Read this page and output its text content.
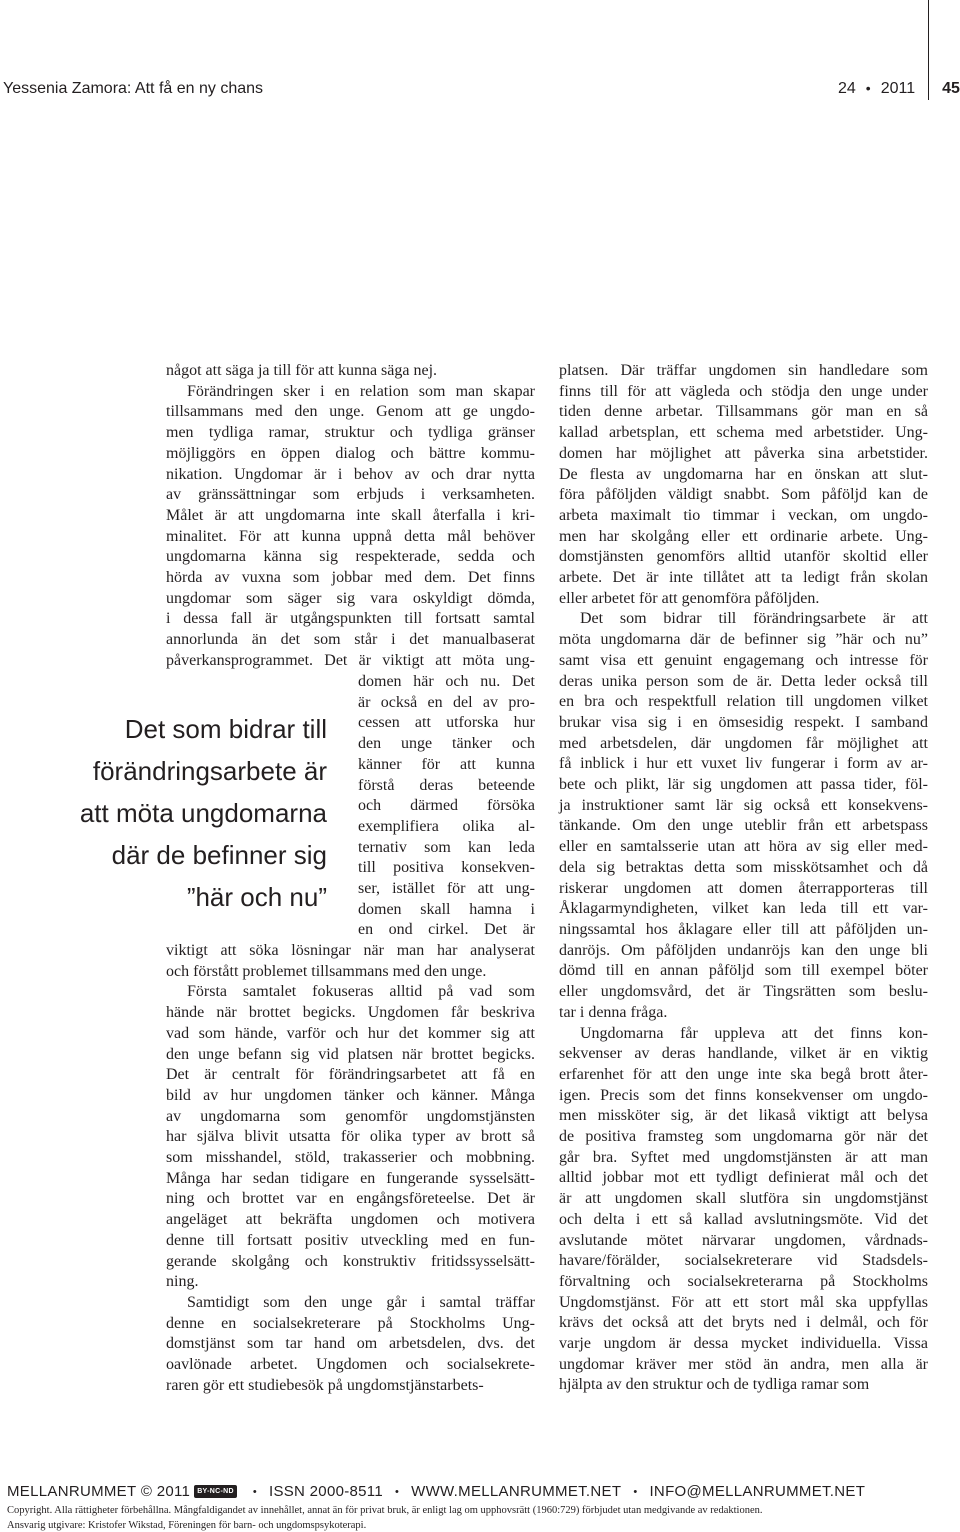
Yessenia Zamora: Att få en ny chans	24 • 2011 45
något att säga ja till för att kunna säga nej.
Förändringen sker i en relation som man skapar
tillsammans med den unge. Genom att ge ungdo-
men tydliga ramar, struktur och tydliga gränser
möjliggörs en öppen dialog och bättre kommu-
nikation. Ungdomar är i behov av och drar nytta
av gränssättningar som erbjuds i verksamheten.
Målet är att ungdomarna inte skall återfalla i kri-
minalitet. För att kunna uppnå detta mål behöver
ungdomarna känna sig respekterade, sedda och
hörda av vuxna som jobbar med dem. Det finns
ungdomar som säger sig vara oskyldigt dömda,
i dessa fall är utgångspunkten till fortsatt samtal
annorlunda än det som står i det manualbaserat
påverkansprogrammet. Det är viktigt att möta ung-
domen här och nu. Det
är också en del av pro-
cessen att utforska hur
den unge tänker och
känner för att kunna
förstå deras beteende
och därmed försöka
exemplifiera olika al-
ternativ som kan leda
till positiva konsekven-
ser, istället för att ung-
domen skall hamna i
en ond cirkel. Det är
viktigt att söka lösningar när man har analyserat
och förstått problemet tillsammans med den unge.
Första samtalet fokuseras alltid på vad som
hände när brottet begicks. Ungdomen får beskriva
vad som hände, varför och hur det kommer sig att
den unge befann sig vid platsen när brottet begicks.
Det är centralt för förändringsarbetet att få en
bild av hur ungdomen tänker och känner. Många
av ungdomarna som genomför ungdomstjänsten
har själva blivit utsatta för olika typer av brott så
som misshandel, stöld, trakasserier och mobbning.
Många har sedan tidigare en fungerande sysselsätt-
ning och brottet var en engångsföreteelse. Det är
angeläget att bekräfta ungdomen och motivera
denne till fortsatt positiv utveckling med en fun-
gerande skolgång och konstruktiv fritidssysselsätt-
ning.
Samtidigt som den unge går i samtal träffar
denne en socialsekreterare på Stockholms Ung-
domstjänst som tar hand om arbetsdelen, dvs. det
oavlönade arbetet. Ungdomen och socialsekrete-
raren gör ett studiebesök på ungdomstjänstarbets-
platsen. Där träffar ungdomen sin handledare som
finns till för att vägleda och stödja den unge under
tiden denne arbetar. Tillsammans gör man en så
kallad arbetsplan, ett schema med arbetstider. Ung-
domen har möjlighet att påverka sina arbetstider.
De flesta av ungdomarna har en önskan att slut-
föra påföljden väldigt snabbt. Som påföljd kan de
arbeta maximalt tio timmar i veckan, om ungdo-
men har skolgång eller ett ordinarie arbete. Ung-
domstjänsten genomförs alltid utanför skoltid eller
arbete. Det är inte tillåtet att ta ledigt från skolan
eller arbetet för att genomföra påföljden.
Det som bidrar till förändringsarbete är att
möta ungdomarna där de befinner sig ”här och nu”
samt visa ett genuint engagemang och intresse för
deras unika person som de är. Detta leder också till
en bra och respektfull relation till ungdomen vilket
brukar visa sig i en ömsesidig respekt. I samband
med arbetsdelen, där ungdomen får möjlighet att
få inblick i hur ett vuxet liv fungerar i form av ar-
bete och plikt, lär sig ungdomen att passa tider, föl-
ja instruktioner samt lär sig också ett konsekvens-
tänkande. Om den unge uteblir från ett arbetspass
eller en samtalsserie utan att höra av sig eller med-
dela sig betraktas detta som misskötsamhet och då
riskerar ungdomen att domen återrapporteras till
Åklagarmyndigheten, vilket kan leda till ett var-
ningssamtal hos åklagare eller till att påföljden un-
danröjs. Om påföljden undanröjs kan den unge bli
dömd till en annan påföljd som till exempel böter
eller ungdomsvård, det är Tingsrätten som beslu-
tar i denna fråga.
Ungdomarna får uppleva att det finns kon-
sekvenser av deras handlande, vilket är en viktig
erfarenhet för att den unge inte ska begå brott åter-
igen. Precis som det finns konsekvenser om ungdo-
men missköter sig, är det likaså viktigt att belysa
de positiva framsteg som ungdomarna gör när det
går bra. Syftet med ungdomstjänsten är att man
alltid jobbar mot ett tydligt definierat mål och det
är att ungdomen skall slutföra sin ungdomstjänst
och delta i ett så kallad avslutningsmöte. Vid det
avslutande mötet närvarar ungdomen, vårdnads-
havare/förälder, socialsekreterare vid Stadsdels-
förvaltning och socialsekreterarna på Stockholms
Ungdomstjänst. För att ett stort mål ska uppfyllas
krävs det också att det bryts ned i delmål, och för
varje ungdom är dessa mycket individuella. Vissa
ungdomar kräver mer stöd än andra, men alla är
hjälpta av den struktur och de tydliga ramar som
Det som bidrar till
förändringsarbete är
att möta ungdomarna
där de befinner sig
”här och nu”
MELLANRUMMET
© 2011	BY-NC-ND • ISSN 2000-8511 • WWW.MELLANRUMMET.NET • INFO@MELLANRUMMET.NET
Copyright. Alla rättigheter förbehållna. Mångfaldigandet av innehållet, annat än för privat bruk, är enligt lag om upphovsrätt (1960:729) förbjudet utan medgivande av redaktionen.
Ansvarig utgivare: Kristofer Wikstad, Föreningen för barn- och ungdomspsykoterapi.
